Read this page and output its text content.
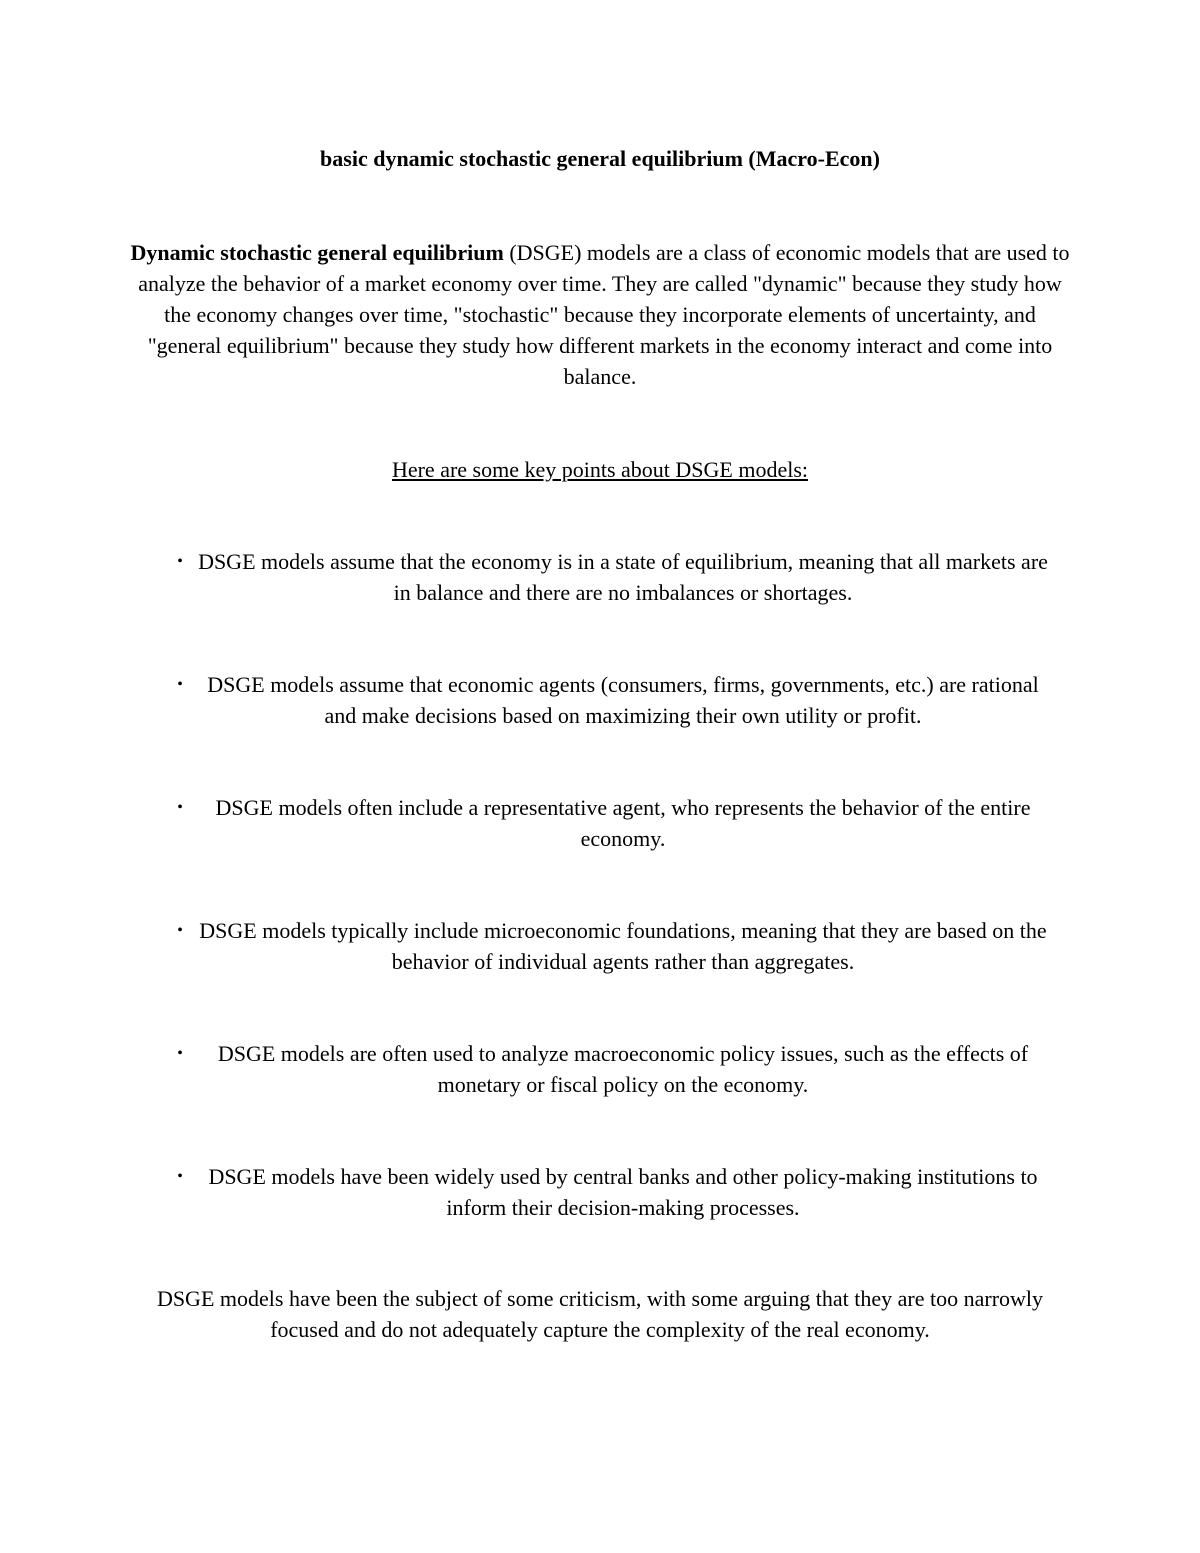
basic dynamic stochastic general equilibrium (Macro-Econ)
Dynamic stochastic general equilibrium (DSGE) models are a class of economic models that are used to analyze the behavior of a market economy over time. They are called "dynamic" because they study how the economy changes over time, "stochastic" because they incorporate elements of uncertainty, and "general equilibrium" because they study how different markets in the economy interact and come into balance.
Here are some key points about DSGE models:
• DSGE models assume that the economy is in a state of equilibrium, meaning that all markets are in balance and there are no imbalances or shortages.
•	DSGE models assume that economic agents (consumers, firms, governments, etc.) are rational and make decisions based on maximizing their own utility or profit.
•	DSGE models often include a representative agent, who represents the behavior of the entire economy.
• DSGE models typically include microeconomic foundations, meaning that they are based on the behavior of individual agents rather than aggregates.
•	DSGE models are often used to analyze macroeconomic policy issues, such as the effects of monetary or fiscal policy on the economy.
•	DSGE models have been widely used by central banks and other policy-making institutions to inform their decision-making processes.
DSGE models have been the subject of some criticism, with some arguing that they are too narrowly focused and do not adequately capture the complexity of the real economy.
